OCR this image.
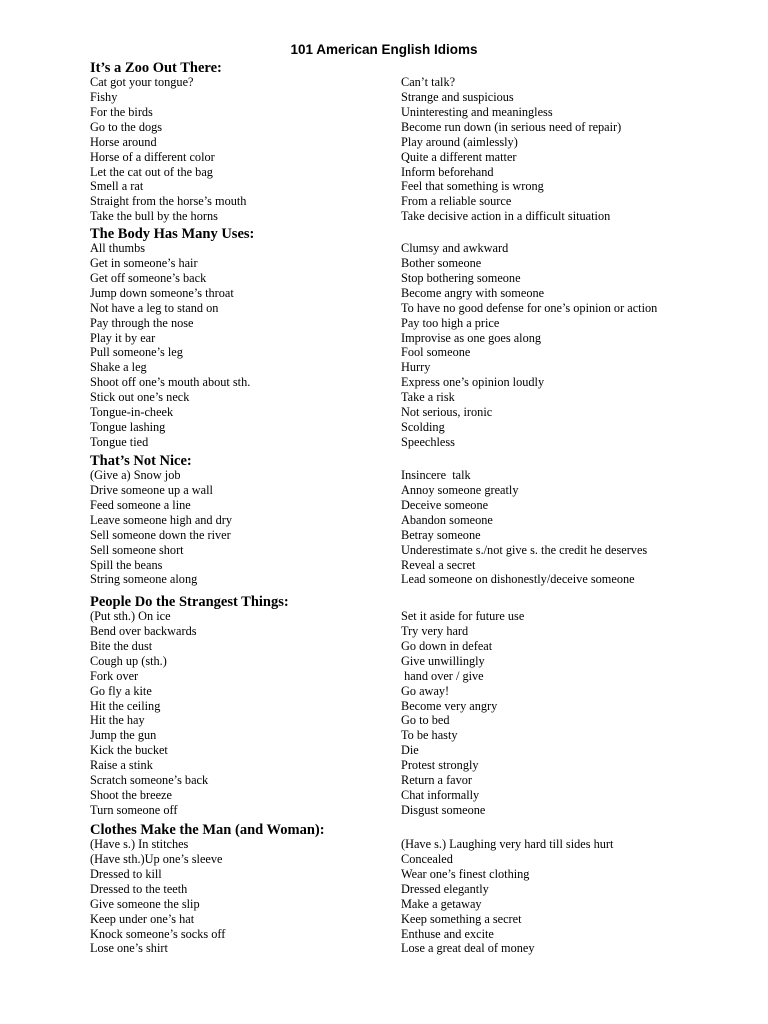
101 American English Idioms
It’s a Zoo Out There:
Cat got your tongue?	Can’t talk?
Fishy	Strange and suspicious
For the birds	Uninteresting and meaningless
Go to the dogs	Become run down (in serious need of repair)
Horse around	Play around (aimlessly)
Horse of a different color	Quite a different matter
Let the cat out of the bag	Inform beforehand
Smell a rat	Feel that something is wrong
Straight from the horse’s mouth	From a reliable source
Take the bull by the horns	Take decisive action in a difficult situation
The Body Has Many Uses:
All thumbs	Clumsy and awkward
Get in someone’s hair	Bother someone
Get off someone’s back	Stop bothering someone
Jump down someone’s throat	Become angry with someone
Not have a leg to stand on	To have no good defense for one’s opinion or action
Pay through the nose	Pay too high a price
Play it by ear	Improvise as one goes along
Pull someone’s leg	Fool someone
Shake a leg	Hurry
Shoot off one’s mouth about sth.	Express one’s opinion loudly
Stick out one’s neck	Take a risk
Tongue-in-cheek	Not serious, ironic
Tongue lashing	Scolding
Tongue tied	Speechless
That’s Not Nice:
(Give a) Snow job	Insincere  talk
Drive someone up a wall	Annoy someone greatly
Feed someone a line	Deceive someone
Leave someone high and dry	Abandon someone
Sell someone down the river	Betray someone
Sell someone short	Underestimate s./not give s. the credit he deserves
Spill the beans	Reveal a secret
String someone along	Lead someone on dishonestly/deceive someone
People Do the Strangest Things:
(Put sth.) On ice	Set it aside for future use
Bend over backwards	Try very hard
Bite the dust	Go down in defeat
Cough up (sth.)	Give unwillingly
Fork over	hand over / give
Go fly a kite	Go away!
Hit the ceiling	Become very angry
Hit the hay	Go to bed
Jump the gun	To be hasty
Kick the bucket	Die
Raise a stink	Protest strongly
Scratch someone’s back	Return a favor
Shoot the breeze	Chat informally
Turn someone off	Disgust someone
Clothes Make the Man (and Woman):
(Have s.) In stitches	(Have s.) Laughing very hard till sides hurt
(Have sth.)Up one’s sleeve	Concealed
Dressed to kill	Wear one’s finest clothing
Dressed to the teeth	Dressed elegantly
Give someone the slip	Make a getaway
Keep under one’s hat	Keep something a secret
Knock someone’s socks off	Enthuse and excite
Lose one’s shirt	Lose a great deal of money
